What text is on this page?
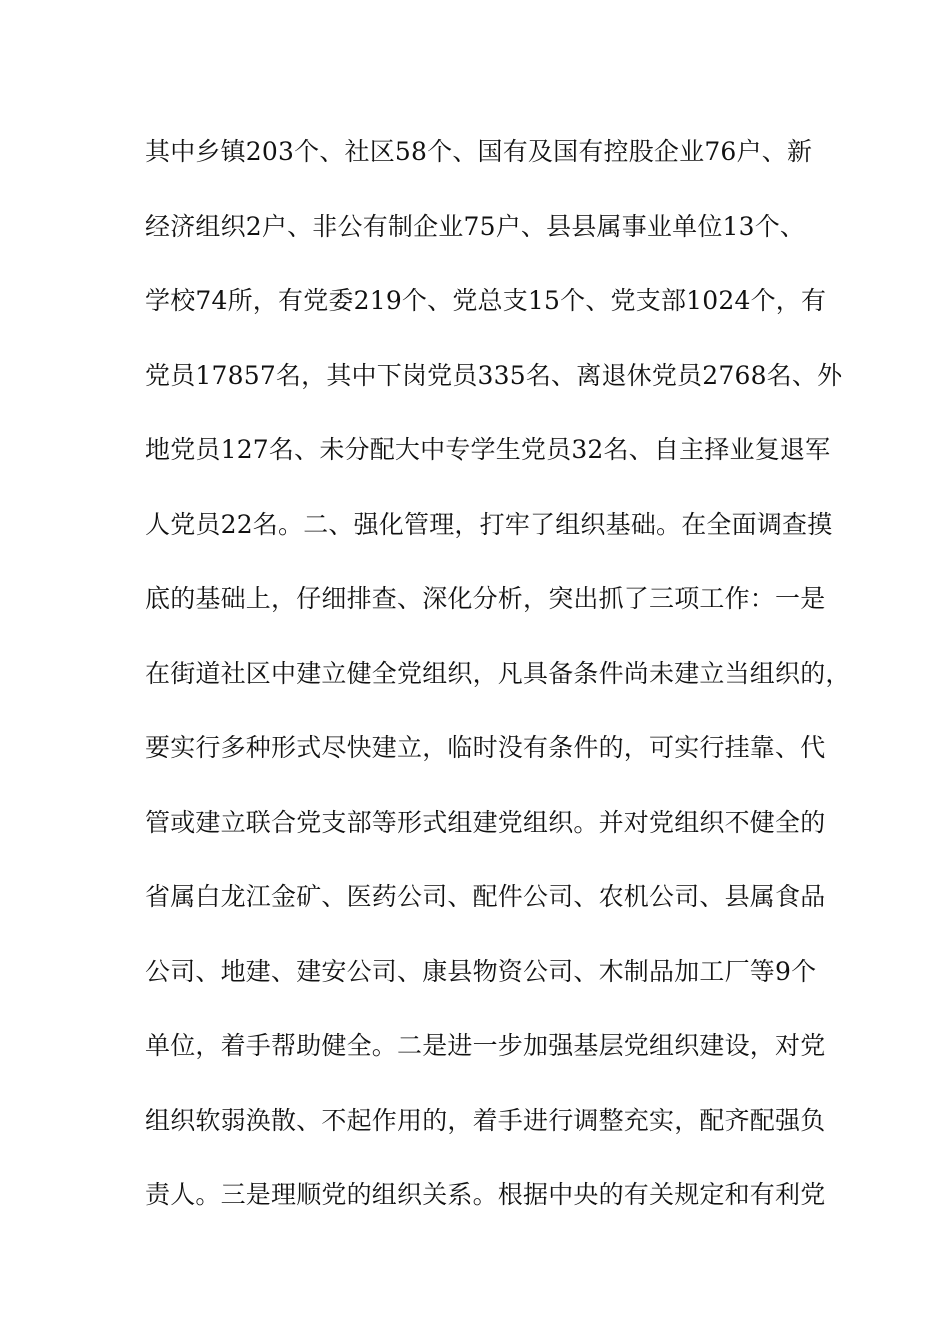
其中乡镇203个、社区58个、国有及国有控股企业76户、新
经济组织2户、非公有制企业75户、县县属事业单位13个、
学校74所，有党委219个、党总支15个、党支部1024个，有
党员17857名，其中下岗党员335名、离退休党员2768名、外
地党员127名、未分配大中专学生党员32名、自主择业复退军
人党员22名。二、强化管理，打牢了组织基础。在全面调查摸
底的基础上，仔细排查、深化分析，突出抓了三项工作：一是
在街道社区中建立健全党组织，凡具备条件尚未建立当组织的，
要实行多种形式尽快建立，临时没有条件的，可实行挂靠、代
管或建立联合党支部等形式组建党组织。并对党组织不健全的
省属白龙江金矿、医药公司、配件公司、农机公司、县属食品
公司、地建、建安公司、康县物资公司、木制品加工厂等9个
单位，着手帮助健全。二是进一步加强基层党组织建设，对党
组织软弱涣散、不起作用的，着手进行调整充实，配齐配强负
责人。三是理顺党的组织关系。根据中央的有关规定和有利党
